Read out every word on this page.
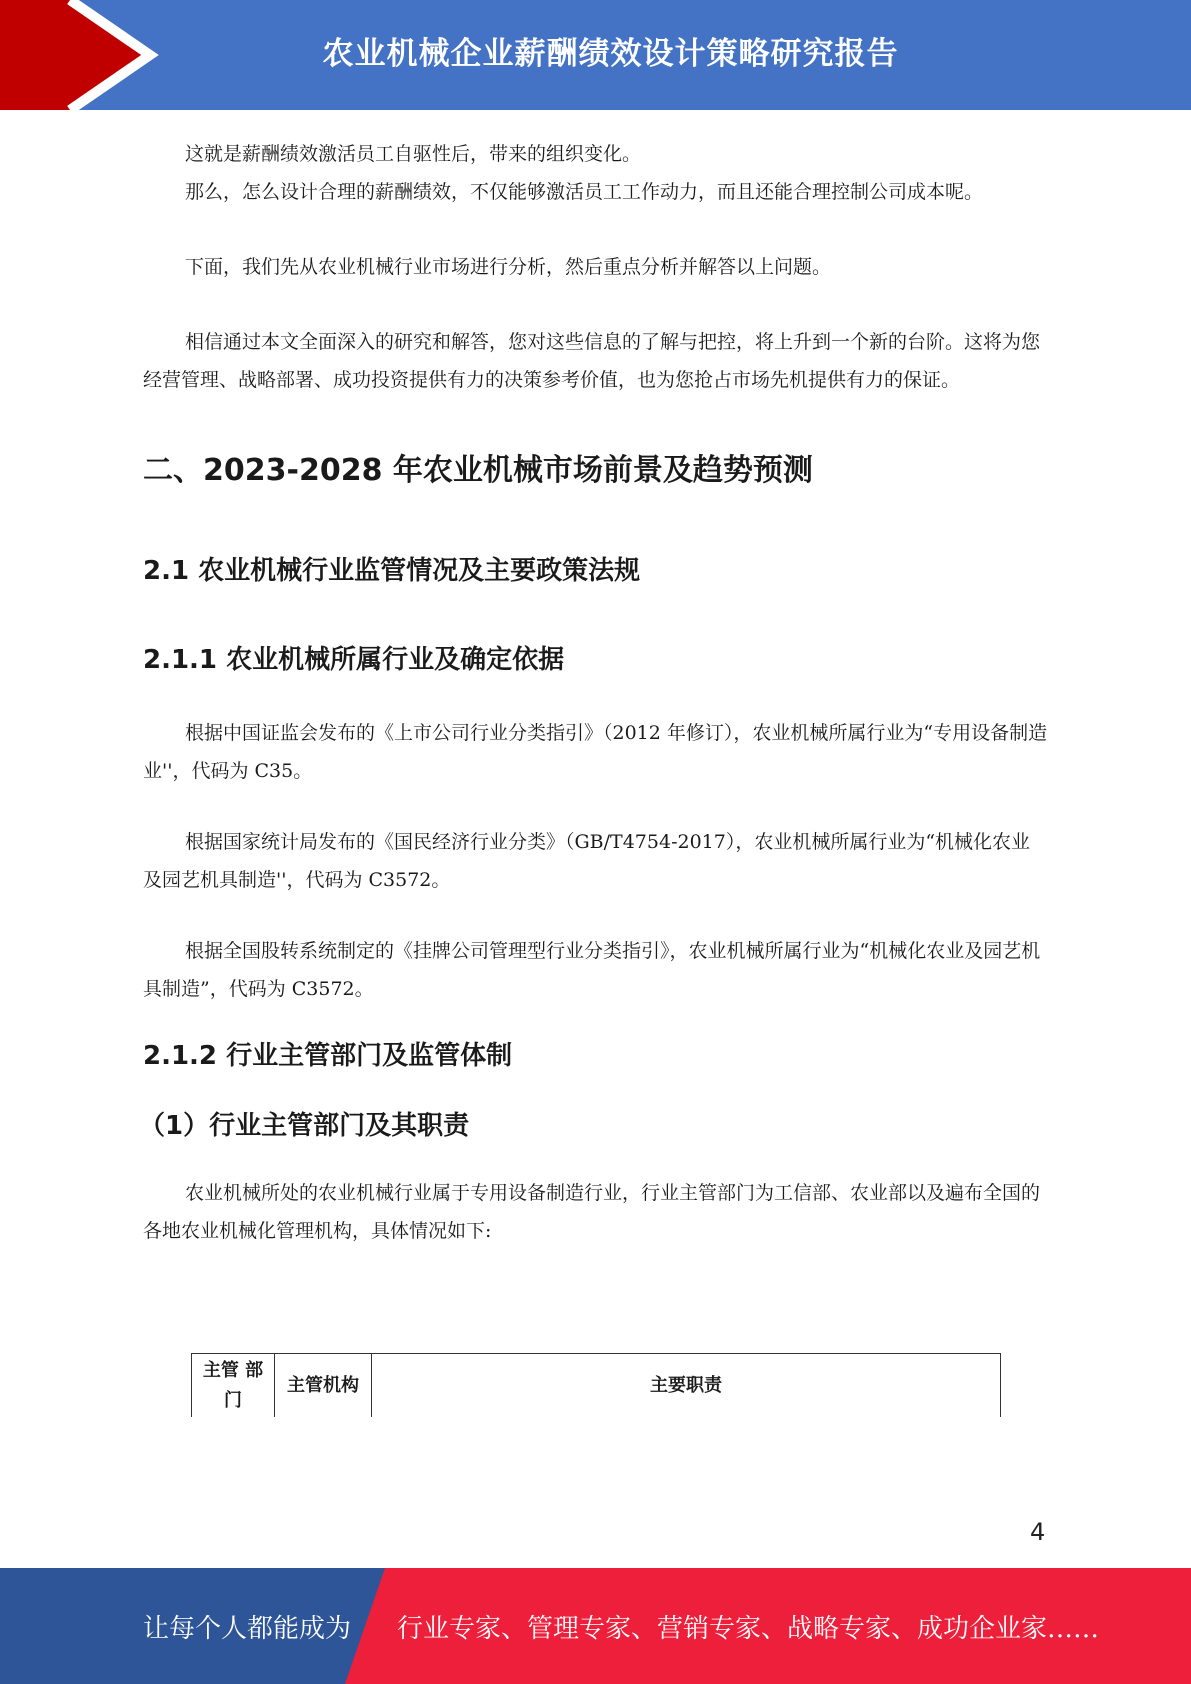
农业机械企业薪酬绩效设计策略研究报告

这就是薪酬绩效激活员工自驱性后，带来的组织变化。

那么，怎么设计合理的薪酬绩效，不仅能够激活员工工作动力，而且还能合理控制公司成本呢。

下面，我们先从农业机械行业市场进行分析，然后重点分析并解答以上问题。

相信通过本文全面深入的研究和解答，您对这些信息的了解与把控，将上升到一个新的台阶。这将为您经营管理、战略部署、成功投资提供有力的决策参考价值，也为您抢占市场先机提供有力的保证。

二、2023-2028 年农业机械市场前景及趋势预测
2.1 农业机械行业监管情况及主要政策法规
2.1.1 农业机械所属行业及确定依据

根据中国证监会发布的《上市公司行业分类指引》（2012 年修订），农业机械所属行业为“专用设备制造业''，代码为 C35。

根据国家统计局发布的《国民经济行业分类》（GB/T4754-2017），农业机械所属行业为“机械化农业及园艺机具制造''，代码为 C3572。

根据全国股转系统制定的《挂牌公司管理型行业分类指引》，农业机械所属行业为“机械化农业及园艺机具制造”，代码为 C3572。

2.1.2 行业主管部门及监管体制
（1）行业主管部门及其职责

农业机械所处的农业机械行业属于专用设备制造行业，行业主管部门为工信部、农业部以及遍布全国的各地农业机械化管理机构，具体情况如下:

主管 部门	主管机构	主要职责
4
让每个人都能成为 行业专家、管理专家、营销专家、战略专家、成功企业家……
